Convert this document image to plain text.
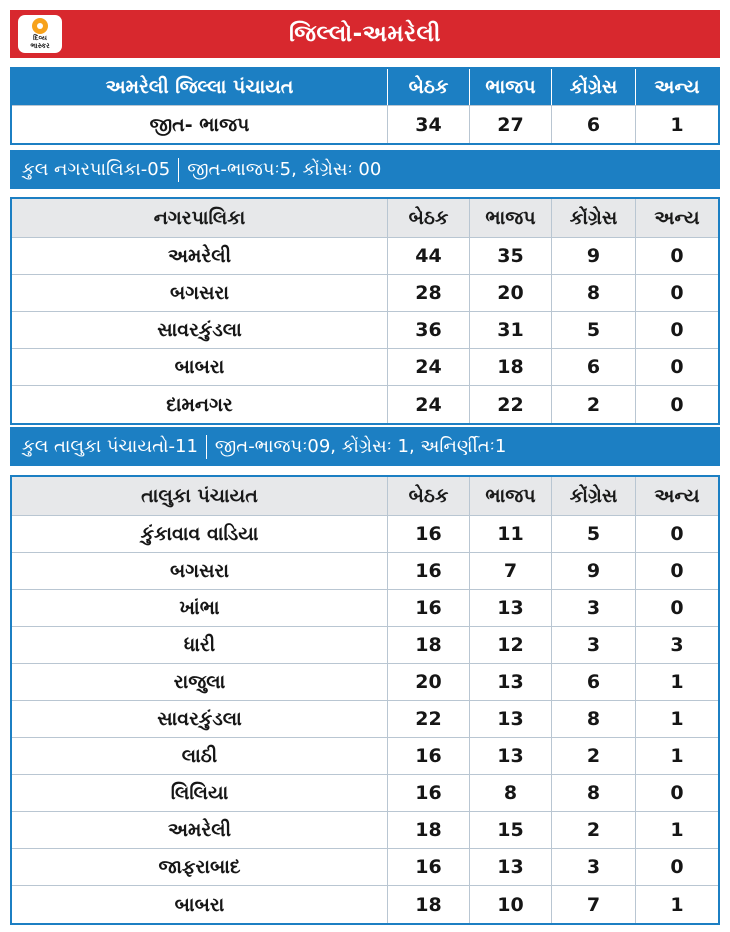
દિવ્ય
ભાસ્કર	જિલ્લો-અમરેલી
અમરેલી જિલ્લા પંચાયત	બેઠક	ભાજપ	કોંગ્રેસ	અન્ય
જીત- ભાજપ	34	27	6	1
કુલ નગરપાલિકા-05 જીત-ભાજપઃ5, કોંગ્રેસઃ 00
નગરપાલિકા	બેઠક	ભાજપ	કોંગ્રેસ	અન્ય
અમરેલી	44	35	9	0
બગસરા	28	20	8	0
સાવરકુંડલા	36	31	5	0
બાબરા	24	18	6	0
દામનગર	24	22	2	0
કુલ તાલુકા પંચાયતો-11 જીત-ભાજપઃ09, કોંગ્રેસઃ 1, અનિર્ણીતઃ1
તાલુકા પંચાયત	બેઠક	ભાજપ	કોંગ્રેસ	અન્ય
કુંકાવાવ વાડિયા	16	11	5	0
બગસરા	16	7	9	0
ખાંભા	16	13	3	0
ધારી	18	12	3	3
રાજુલા	20	13	6	1
સાવરકુંડલા	22	13	8	1
લાઠી	16	13	2	1
લિલિયા	16	8	8	0
અમરેલી	18	15	2	1
જાફરાબાદ	16	13	3	0
બાબરા	18	10	7	1
